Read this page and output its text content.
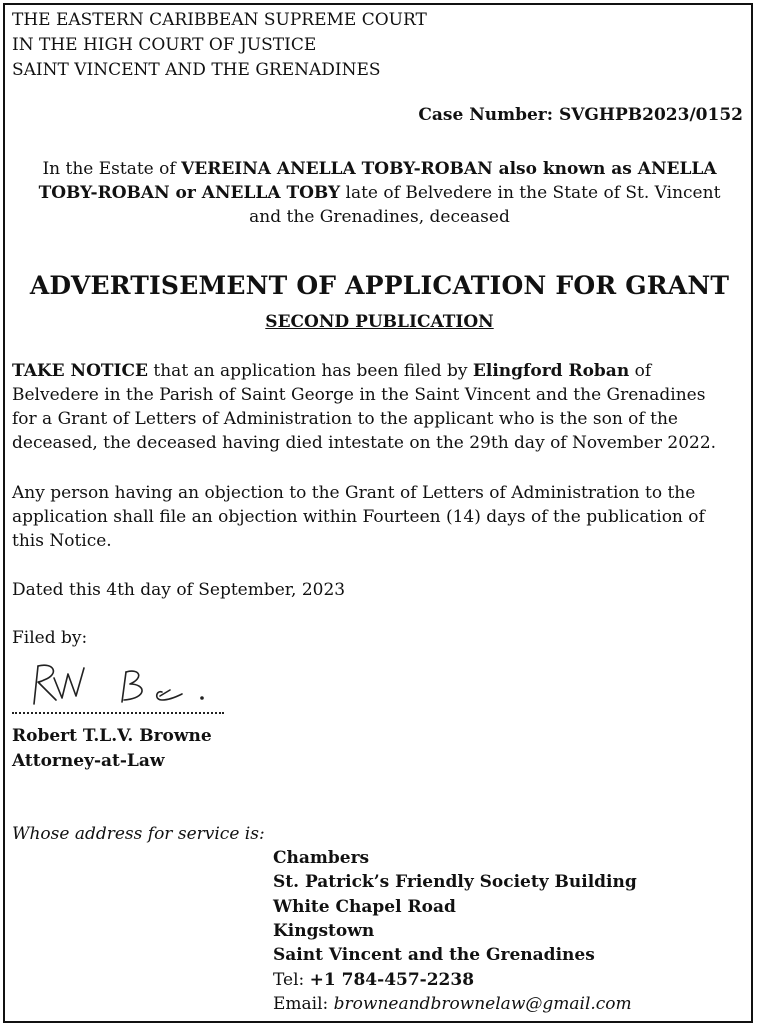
THE EASTERN CARIBBEAN SUPREME COURT
IN THE HIGH COURT OF JUSTICE
SAINT VINCENT AND THE GRENADINES
Case Number: SVGHPB2023/0152
In the Estate of VEREINA ANELLA TOBY-ROBAN also known as ANELLA
TOBY-ROBAN or ANELLA TOBY late of Belvedere in the State of St. Vincent
and the Grenadines, deceased
ADVERTISEMENT OF APPLICATION FOR GRANT
SECOND PUBLICATION
TAKE NOTICE that an application has been filed by Elingford Roban of
Belvedere in the Parish of Saint George in the Saint Vincent and the Grenadines
for a Grant of Letters of Administration to the applicant who is the son of the
deceased, the deceased having died intestate on the 29th day of November 2022.
Any person having an objection to the Grant of Letters of Administration to the
application shall file an objection within Fourteen (14) days of the publication of
this Notice.
Dated this 4th day of September, 2023
Filed by:
Robert T.L.V. Browne
Attorney-at-Law
Whose address for service is:
Chambers
St. Patrick’s Friendly Society Building
White Chapel Road
Kingstown
Saint Vincent and the Grenadines
Tel: +1 784-457-2238
Email: browneandbrownelaw@gmail.com
